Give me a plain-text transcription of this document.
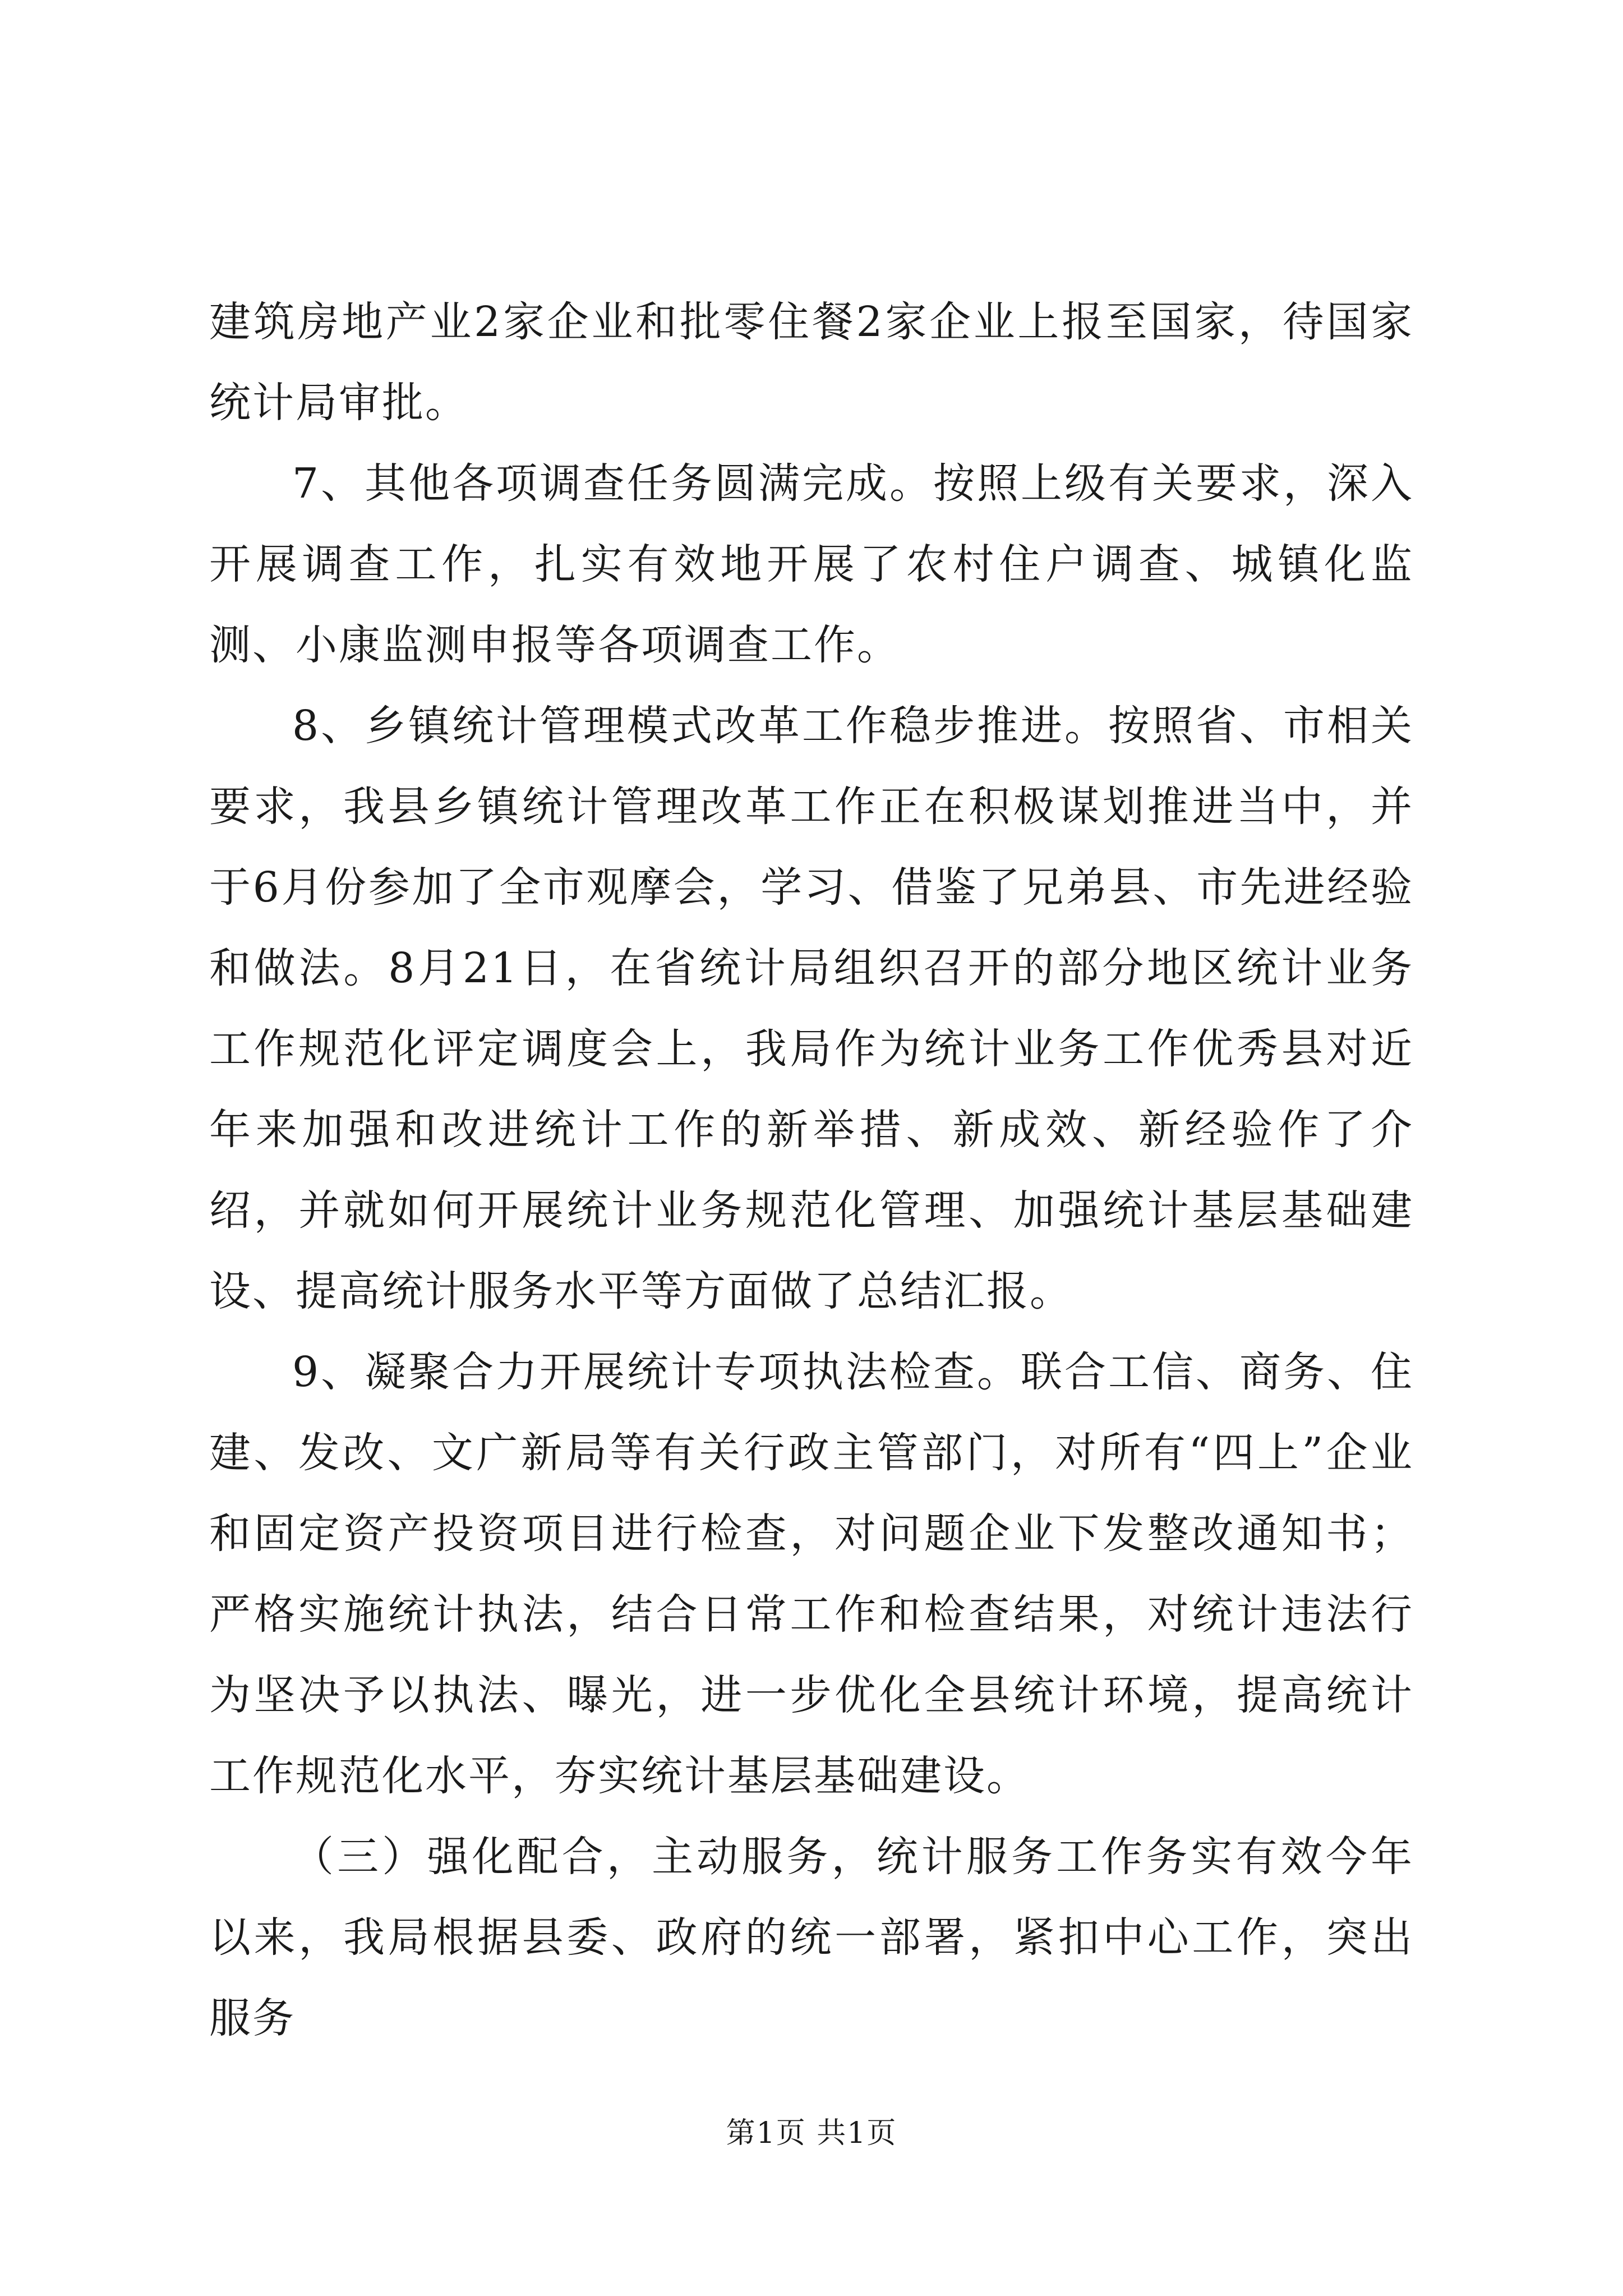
建筑房地产业2家企业和批零住餐2家企业上报至国家，待国家统计局审批。

7、其他各项调查任务圆满完成。按照上级有关要求，深入开展调查工作，扎实有效地开展了农村住户调查、城镇化监测、小康监测申报等各项调查工作。

8、乡镇统计管理模式改革工作稳步推进。按照省、市相关要求，我县乡镇统计管理改革工作正在积极谋划推进当中，并于6月份参加了全市观摩会，学习、借鉴了兄弟县、市先进经验和做法。8月21日，在省统计局组织召开的部分地区统计业务工作规范化评定调度会上，我局作为统计业务工作优秀县对近年来加强和改进统计工作的新举措、新成效、新经验作了介绍，并就如何开展统计业务规范化管理、加强统计基层基础建设、提高统计服务水平等方面做了总结汇报。

9、凝聚合力开展统计专项执法检查。联合工信、商务、住建、发改、文广新局等有关行政主管部门，对所有“四上”企业和固定资产投资项目进行检查，对问题企业下发整改通知书；严格实施统计执法，结合日常工作和检查结果，对统计违法行为坚决予以执法、曝光，进一步优化全县统计环境，提高统计工作规范化水平，夯实统计基层基础建设。

（三）强化配合，主动服务，统计服务工作务实有效今年以来，我局根据县委、政府的统一部署，紧扣中心工作，突出服务

第1页 共1页
